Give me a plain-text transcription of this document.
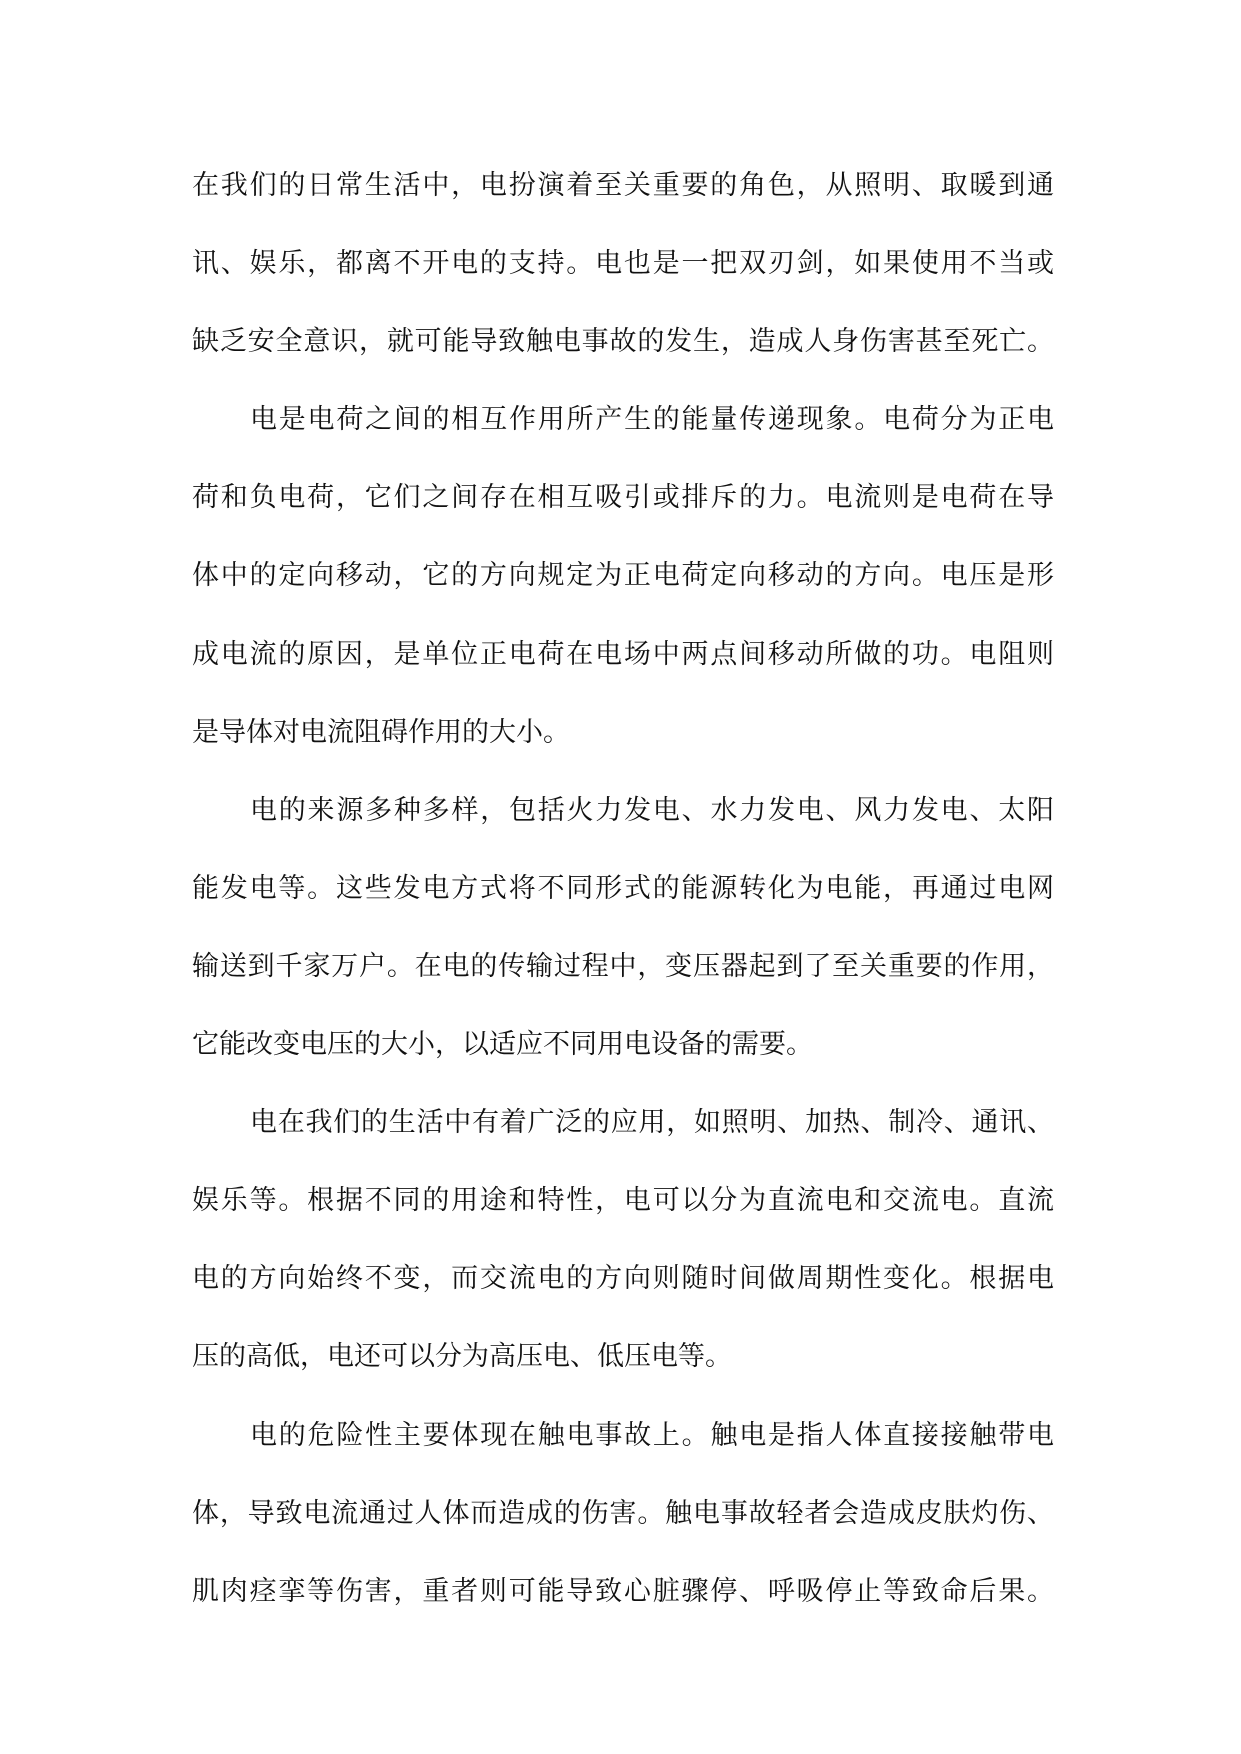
在我们的日常生活中，电扮演着至关重要的角色，从照明、取暖到通
讯、娱乐，都离不开电的支持。电也是一把双刃剑，如果使用不当或
缺乏安全意识，就可能导致触电事故的发生，造成人身伤害甚至死亡。
电是电荷之间的相互作用所产生的能量传递现象。电荷分为正电
荷和负电荷，它们之间存在相互吸引或排斥的力。电流则是电荷在导
体中的定向移动，它的方向规定为正电荷定向移动的方向。电压是形
成电流的原因，是单位正电荷在电场中两点间移动所做的功。电阻则
是导体对电流阻碍作用的大小。
电的来源多种多样，包括火力发电、水力发电、风力发电、太阳
能发电等。这些发电方式将不同形式的能源转化为电能，再通过电网
输送到千家万户。在电的传输过程中，变压器起到了至关重要的作用，
它能改变电压的大小，以适应不同用电设备的需要。
电在我们的生活中有着广泛的应用，如照明、加热、制冷、通讯、
娱乐等。根据不同的用途和特性，电可以分为直流电和交流电。直流
电的方向始终不变，而交流电的方向则随时间做周期性变化。根据电
压的高低，电还可以分为高压电、低压电等。
电的危险性主要体现在触电事故上。触电是指人体直接接触带电
体，导致电流通过人体而造成的伤害。触电事故轻者会造成皮肤灼伤、
肌肉痉挛等伤害，重者则可能导致心脏骤停、呼吸停止等致命后果。
